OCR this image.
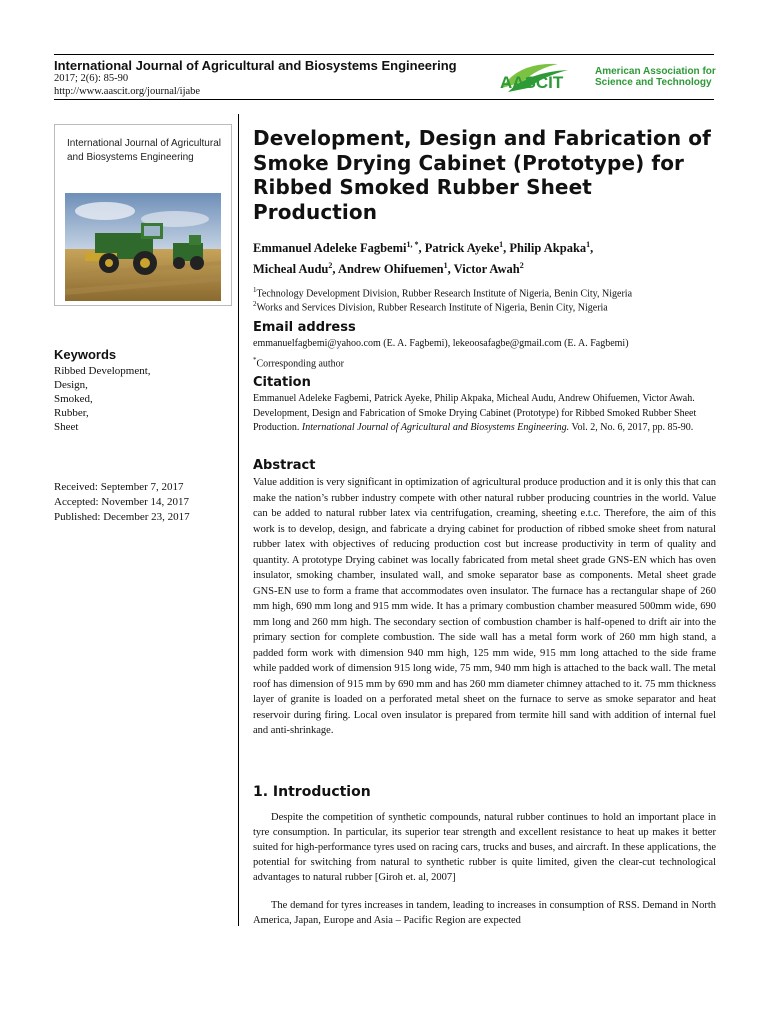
International Journal of Agricultural and Biosystems Engineering
2017; 2(6): 85-90
http://www.aascit.org/journal/ijabe	AASCIT
American Association for Science and Technology
International Journal of Agricultural and Biosystems Engineering
Keywords
Ribbed Development,
Design,
Smoked,
Rubber,
Sheet
Received: September 7, 2017
Accepted: November 14, 2017
Published: December 23, 2017
Development, Design and Fabrication of Smoke Drying Cabinet (Prototype) for Ribbed Smoked Rubber Sheet Production
Emmanuel Adeleke Fagbemi$^{1, *}$, Patrick Ayeke$^1$, Philip Akpaka$^1$,
Micheal Audu$^2$, Andrew Ohifuemen$^1$, Victor Awah$^2$
$^1$Technology Development Division, Rubber Research Institute of Nigeria, Benin City, Nigeria
$^2$Works and Services Division, Rubber Research Institute of Nigeria, Benin City, Nigeria
Email address
emmanuelfagbemi@yahoo.com (E. A. Fagbemi), lekeoosafagbe@gmail.com (E. A. Fagbemi)
*Corresponding author
Citation
Emmanuel Adeleke Fagbemi, Patrick Ayeke, Philip Akpaka, Micheal Audu, Andrew Ohifuemen, Victor Awah. Development, Design and Fabrication of Smoke Drying Cabinet (Prototype) for Ribbed Smoked Rubber Sheet Production. International Journal of Agricultural and Biosystems Engineering. Vol. 2, No. 6, 2017, pp. 85-90.
Abstract
Value addition is very significant in optimization of agricultural produce production and it is only this that can make the nation’s rubber industry compete with other natural rubber producing countries in the world. Value can be added to natural rubber latex via centrifugation, creaming, sheeting e.t.c. Therefore, the aim of this work is to develop, design, and fabricate a drying cabinet for production of ribbed smoke sheet from natural rubber latex with objectives of reducing production cost but increase productivity in term of quality and quantity. A prototype Drying cabinet was locally fabricated from metal sheet grade GNS-EN which has oven insulator, smoking chamber, insulated wall, and smoke separator base as components. Metal sheet grade GNS-EN use to form a frame that accommodates oven insulator. The furnace has a rectangular shape of 260 mm high, 690 mm long and 915 mm wide. It has a primary combustion chamber measured 500mm wide, 690 mm long and 260 mm high. The secondary section of combustion chamber is half-opened to drift air into the primary section for complete combustion. The side wall has a metal form work of 260 mm high stand, a padded form work with dimension 940 mm high, 125 mm wide, 915 mm long attached to the side frame while padded work of dimension 915 long wide, 75 mm, 940 mm high is attached to the back wall. The metal roof has dimension of 915 mm by 690 mm and has 260 mm diameter chimney attached to it. 75 mm thickness layer of granite is loaded on a perforated metal sheet on the furnace to serve as smoke separator and heat reservoir during firing. Local oven insulator is prepared from termite hill sand with addition of internal fuel and anti-shrinkage.
1. Introduction
Despite the competition of synthetic compounds, natural rubber continues to hold an important place in tyre consumption. In particular, its superior tear strength and excellent resistance to heat up makes it better suited for high-performance tyres used on racing cars, trucks and buses, and aircraft. In these applications, the potential for switching from natural to synthetic rubber is quite limited, given the clear-cut technological advantages to natural rubber [Giroh et. al, 2007]
The demand for tyres increases in tandem, leading to increases in consumption of RSS. Demand in North America, Japan, Europe and Asia – Pacific Region are expected
